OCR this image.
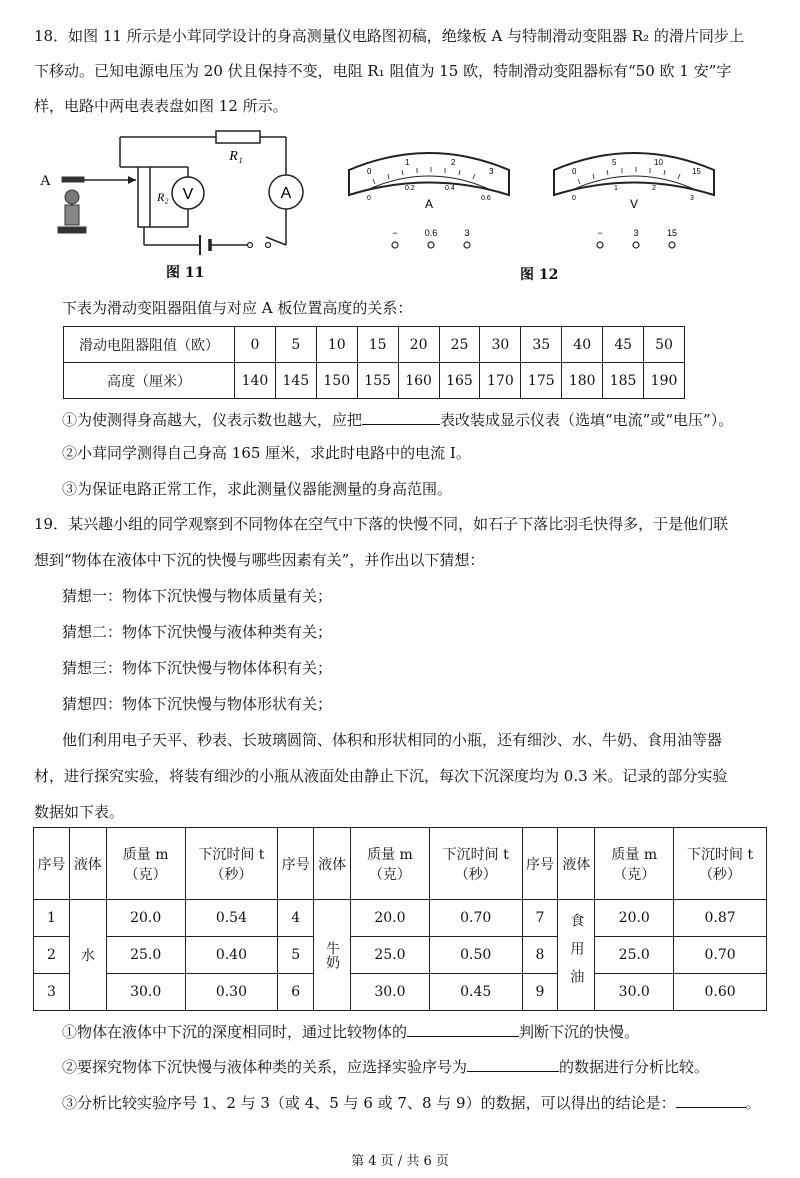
18．如图 11 所示是小茸同学设计的身高测量仪电路图初稿，绝缘板 A 与特制滑动变阻器 R₂ 的滑片同步上
下移动。已知电源电压为 20 伏且保持不变，电阻 R₁ 阻值为 15 欧，特制滑动变阻器标有“50 欧 1 安”字
样，电路中两电表表盘如图 12 所示。
V	A
R₁
R₂
A
0
1	2
3
0
0.2	0.4
0.6
A
−	0.6	3
0
5	10
15
0
1	2
3
V
−	3	15
图 11	图 12
下表为滑动变阻器阻值与对应 A 板位置高度的关系：
滑动电阻器阻值（欧）	0	5	10	15	20	25	30	35	40	45	50
高度（厘米）	140	145	150	155	160	165	170	175	180	185	190
①为使测得身高越大，仪表示数也越大，应把	表改装成显示仪表（选填“电流”或“电压”）。
②小茸同学测得自己身高 165 厘米，求此时电路中的电流 I。
③为保证电路正常工作，求此测量仪器能测量的身高范围。
19．某兴趣小组的同学观察到不同物体在空气中下落的快慢不同，如石子下落比羽毛快得多，于是他们联
想到“物体在液体中下沉的快慢与哪些因素有关”，并作出以下猜想：
猜想一：物体下沉快慢与物体质量有关；
猜想二：物体下沉快慢与液体种类有关；
猜想三：物体下沉快慢与物体体积有关；
猜想四：物体下沉快慢与物体形状有关；
他们利用电子天平、秒表、长玻璃圆筒、体积和形状相同的小瓶，还有细沙、水、牛奶、食用油等器
材，进行探究实验，将装有细沙的小瓶从液面处由静止下沉，每次下沉深度均为 0.3 米。记录的部分实验
数据如下表。
序号	液体	质量 m（克）	下沉时间 t（秒）	序号	液体	质量 m（克）	下沉时间 t（秒）	序号	液体	质量 m（克）	下沉时间 t（秒）
1	水	20.0	0.54	4	牛奶	20.0	0.70	7	食用油	20.0	0.87
2		25.0	0.40	5		25.0	0.50	8		25.0	0.70
3		30.0	0.30	6		30.0	0.45	9		30.0	0.60
①物体在液体中下沉的深度相同时，通过比较物体的	判断下沉的快慢。
②要探究物体下沉快慢与液体种类的关系，应选择实验序号为	的数据进行分析比较。
③分析比较实验序号 1、2 与 3（或 4、5 与 6 或 7、8 与 9）的数据，可以得出的结论是：	。
第 4 页 / 共 6 页
